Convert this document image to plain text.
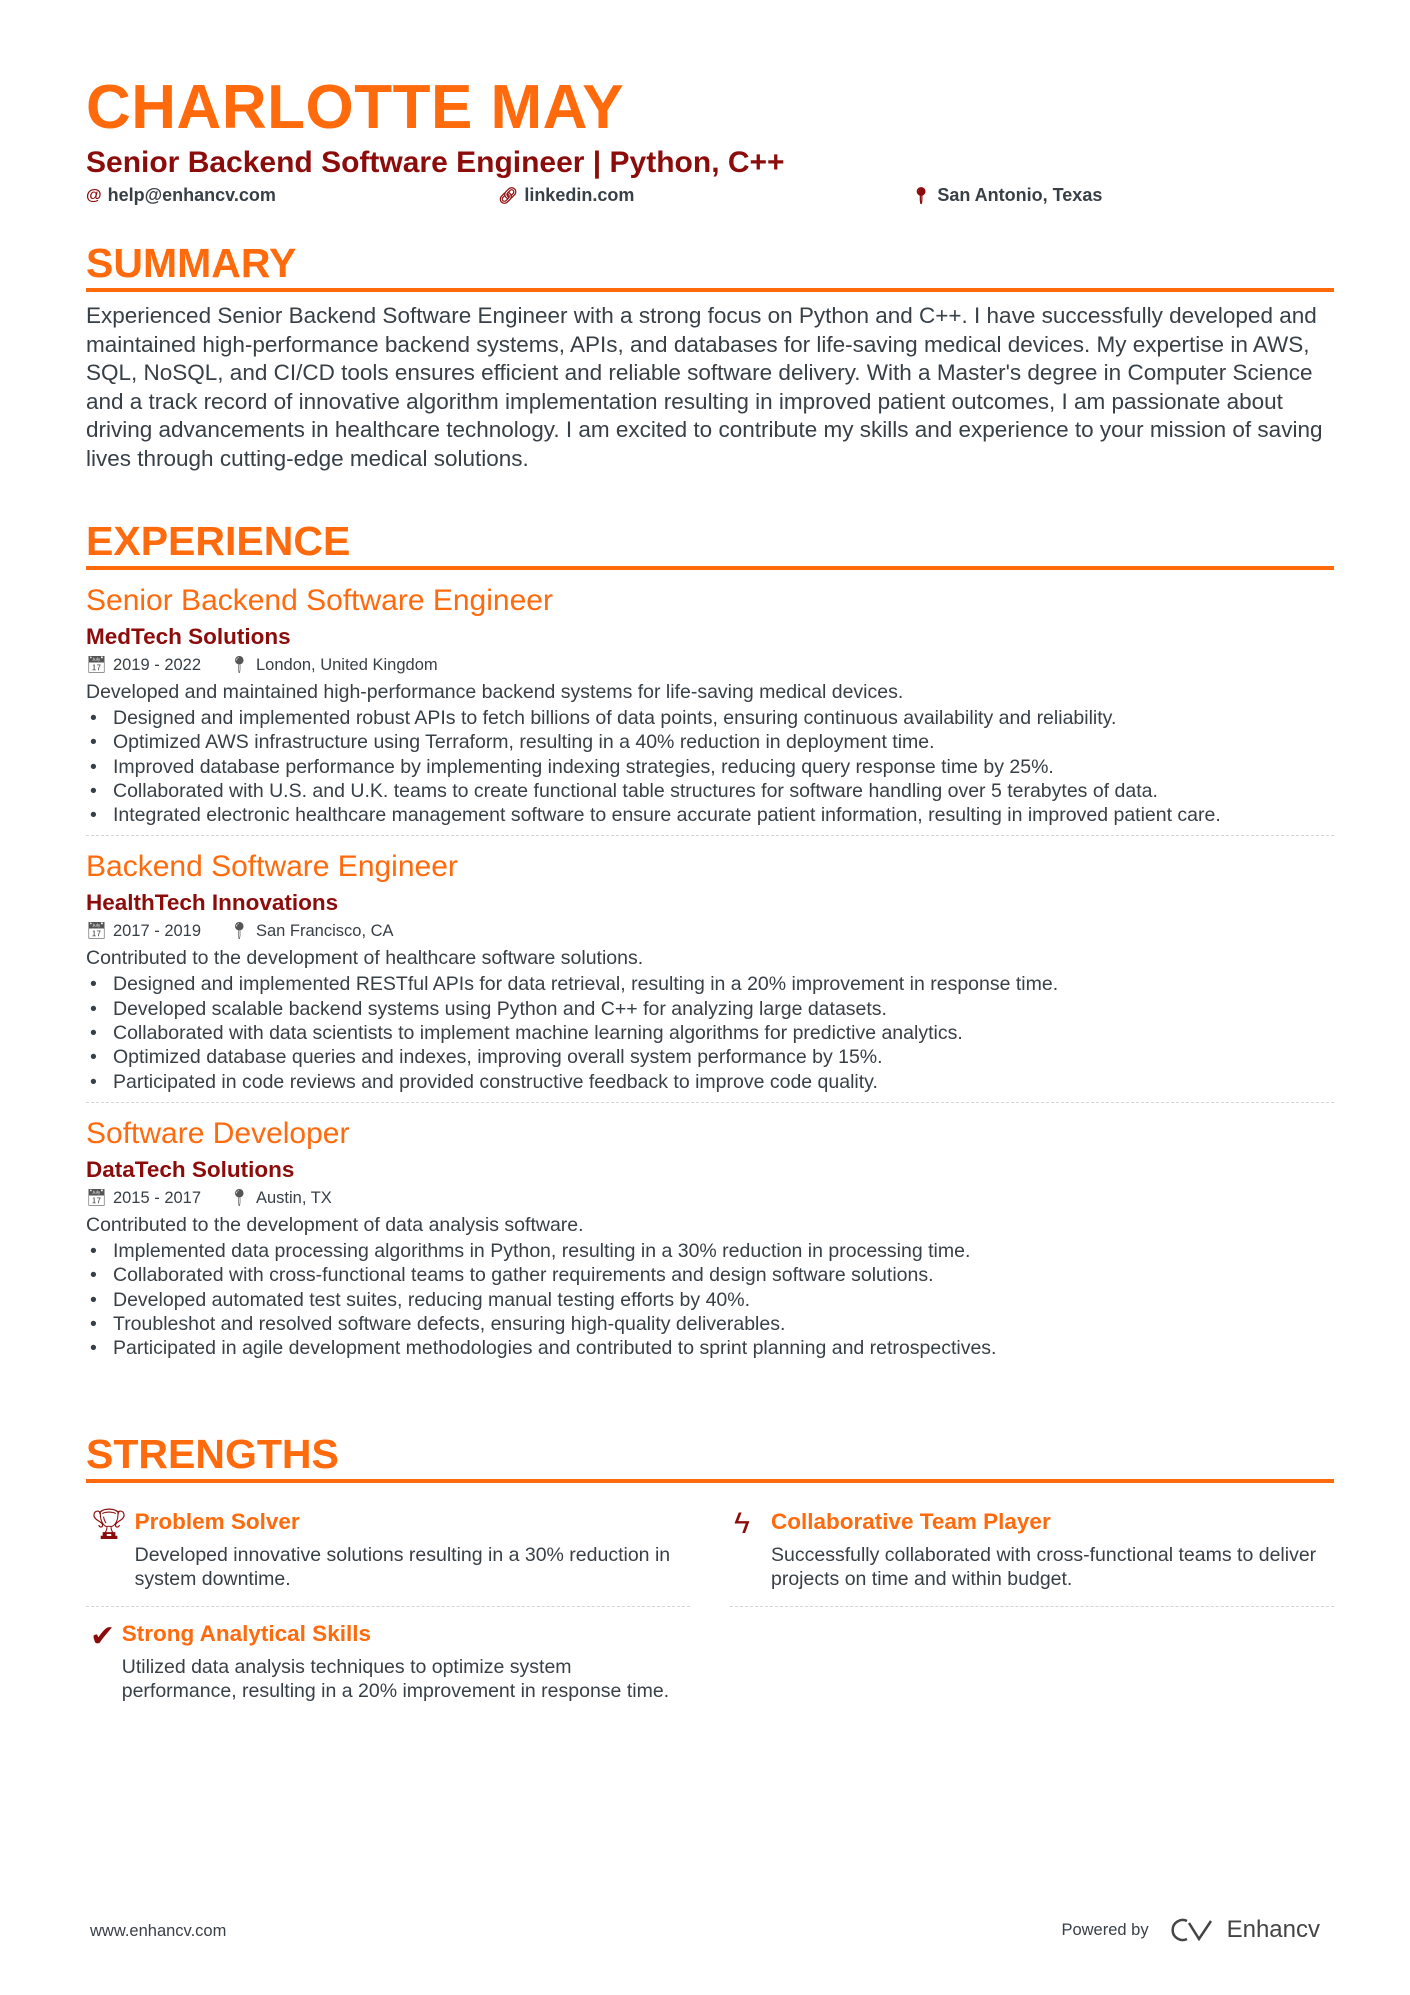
CHARLOTTE MAY
Senior Backend Software Engineer | Python, C++
@ help@enhancv.com	🔗︎ linkedin.com	📍︎ San Antonio, Texas
SUMMARY
Experienced Senior Backend Software Engineer with a strong focus on Python and C++. I have successfully developed and maintained high-performance backend systems, APIs, and databases for life-saving medical devices. My expertise in AWS, SQL, NoSQL, and CI/CD tools ensures efficient and reliable software delivery. With a Master's degree in Computer Science and a track record of innovative algorithm implementation resulting in improved patient outcomes, I am passionate about driving advancements in healthcare technology. I am excited to contribute my skills and experience to your mission of saving lives through cutting-edge medical solutions.
EXPERIENCE
Senior Backend Software Engineer
MedTech Solutions
📅︎ 2019 - 2022 📍︎ London, United Kingdom
Developed and maintained high-performance backend systems for life-saving medical devices.
• Designed and implemented robust APIs to fetch billions of data points, ensuring continuous availability and reliability.
• Optimized AWS infrastructure using Terraform, resulting in a 40% reduction in deployment time.
• Improved database performance by implementing indexing strategies, reducing query response time by 25%.
• Collaborated with U.S. and U.K. teams to create functional table structures for software handling over 5 terabytes of data.
• Integrated electronic healthcare management software to ensure accurate patient information, resulting in improved patient care.
Backend Software Engineer
HealthTech Innovations
📅︎ 2017 - 2019 📍︎ San Francisco, CA
Contributed to the development of healthcare software solutions.
• Designed and implemented RESTful APIs for data retrieval, resulting in a 20% improvement in response time.
• Developed scalable backend systems using Python and C++ for analyzing large datasets.
• Collaborated with data scientists to implement machine learning algorithms for predictive analytics.
• Optimized database queries and indexes, improving overall system performance by 15%.
• Participated in code reviews and provided constructive feedback to improve code quality.
Software Developer
DataTech Solutions
📅︎ 2015 - 2017 📍︎ Austin, TX
Contributed to the development of data analysis software.
• Implemented data processing algorithms in Python, resulting in a 30% reduction in processing time.
• Collaborated with cross-functional teams to gather requirements and design software solutions.
• Developed automated test suites, reducing manual testing efforts by 40%.
• Troubleshot and resolved software defects, ensuring high-quality deliverables.
• Participated in agile development methodologies and contributed to sprint planning and retrospectives.
STRENGTHS
🏆︎ Problem Solver
Developed innovative solutions resulting in a 30% reduction in system downtime.
ϟ Collaborative Team Player
Successfully collaborated with cross-functional teams to deliver projects on time and within budget.
✔ Strong Analytical Skills
Utilized data analysis techniques to optimize system performance, resulting in a 20% improvement in response time.
www.enhancv.com	Powered by	Enhancv
